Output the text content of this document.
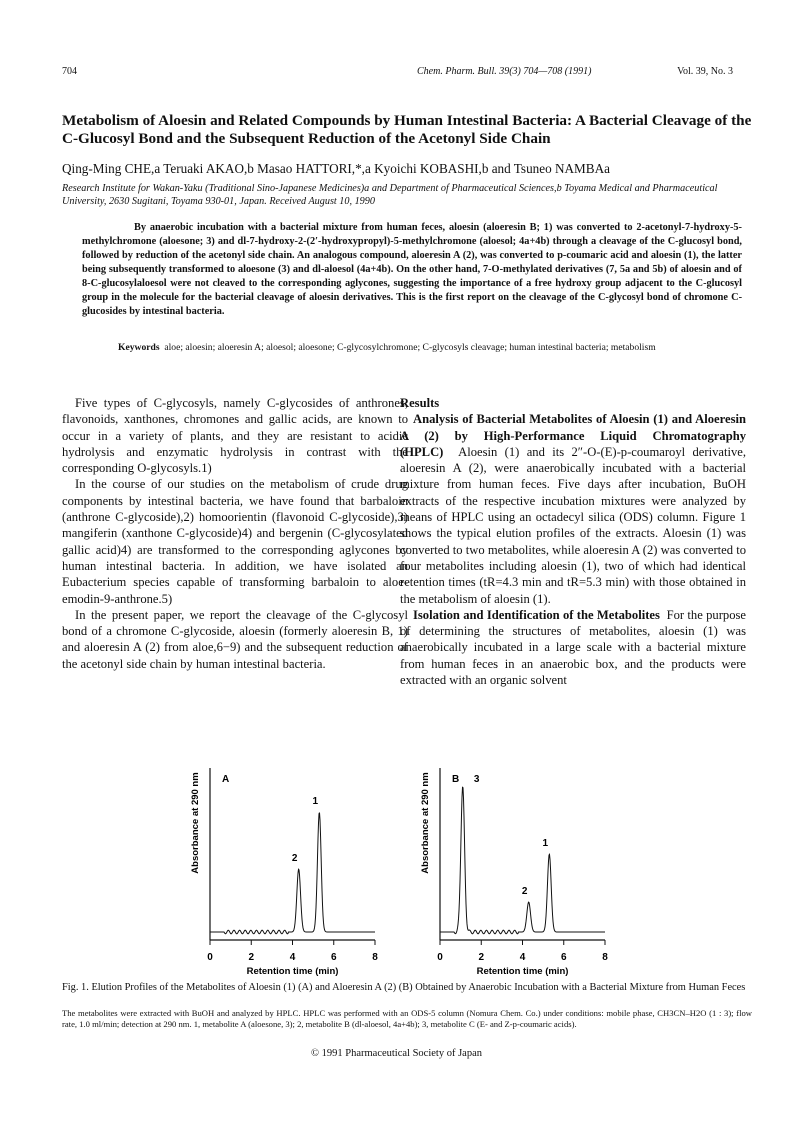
704	Chem. Pharm. Bull. 39(3) 704—708 (1991)	Vol. 39, No. 3
Metabolism of Aloesin and Related Compounds by Human Intestinal Bacteria: A Bacterial Cleavage of the C-Glucosyl Bond and the Subsequent Reduction of the Acetonyl Side Chain
Qing-Ming CHE,a Teruaki AKAO,b Masao HATTORI,*,a Kyoichi KOBASHI,b and Tsuneo NAMBAa
Research Institute for Wakan-Yaku (Traditional Sino-Japanese Medicines)a and Department of Pharmaceutical Sciences,b Toyama Medical and Pharmaceutical University, 2630 Sugitani, Toyama 930-01, Japan. Received August 10, 1990
By anaerobic incubation with a bacterial mixture from human feces, aloesin (aloeresin B; 1) was converted to 2-acetonyl-7-hydroxy-5-methylchromone (aloesone; 3) and dl-7-hydroxy-2-(2′-hydroxypropyl)-5-methylchromone (aloesol; 4a+4b) through a cleavage of the C-glucosyl bond, followed by reduction of the acetonyl side chain. An analogous compound, aloeresin A (2), was converted to p-coumaric acid and aloesin (1), the latter being subsequently transformed to aloesone (3) and dl-aloesol (4a+4b). On the other hand, 7-O-methylated derivatives (7, 5a and 5b) of aloesin and of 8-C-glucosylaloesol were not cleaved to the corresponding aglycones, suggesting the importance of a free hydroxy group adjacent to the C-glucosyl group in the molecule for the bacterial cleavage of aloesin derivatives. This is the first report on the cleavage of the C-glycosyl bond of chromone C-glucosides by intestinal bacteria.
Keywords aloe; aloesin; aloeresin A; aloesol; aloesone; C-glycosylchromone; C-glycosyls cleavage; human intestinal bacteria; metabolism

Five types of C-glycosyls, namely C-glycosides of anthrones, flavonoids, xanthones, chromones and gallic acids, are known to occur in a variety of plants, and they are resistant to acidic hydrolysis and enzymatic hydrolysis in contrast with the corresponding O-glycosyls.1)

In the course of our studies on the metabolism of crude drug components by intestinal bacteria, we have found that barbaloin (anthrone C-glycoside),2) homoorientin (flavonoid C-glycoside),3) mangiferin (xanthone C-glycoside)4) and bergenin (C-glycosylated gallic acid)4) are transformed to the corresponding aglycones by human intestinal bacteria. In addition, we have isolated an Eubacterium species capable of transforming barbaloin to aloe-emodin-9-anthrone.5)

In the present paper, we report the cleavage of the C-glycosyl bond of a chromone C-glycoside, aloesin (formerly aloeresin B, 1) and aloeresin A (2) from aloe,6−9) and the subsequent reduction of the acetonyl side chain by human intestinal bacteria.

Results

Analysis of Bacterial Metabolites of Aloesin (1) and Aloeresin A (2) by High-Performance Liquid Chromatography (HPLC) Aloesin (1) and its 2″-O-(E)-p-coumaroyl derivative, aloeresin A (2), were anaerobically incubated with a bacterial mixture from human feces. Five days after incubation, BuOH extracts of the respective incubation mixtures were analyzed by means of HPLC using an octadecyl silica (ODS) column. Figure 1 shows the typical elution profiles of the extracts. Aloesin (1) was converted to two metabolites, while aloeresin A (2) was converted to four metabolites including aloesin (1), two of which had identical retention times (tR=4.3 min and tR=5.3 min) with those obtained in the metabolism of aloesin (1).

Isolation and Identification of the Metabolites For the purpose of determining the structures of metabolites, aloesin (1) was anaerobically incubated in a large scale with a bacterial mixture from human feces in an anaerobic box, and the products were extracted with an organic solvent

0	2	4	6	8
Retention time (min)
Absorbance at 290 nm A
2
1
0	2	4	6	8
Retention time (min)
Absorbance at 290 nm B 3
2
1
Fig. 1. Elution Profiles of the Metabolites of Aloesin (1) (A) and Aloeresin A (2) (B) Obtained by Anaerobic Incubation with a Bacterial Mixture from Human Feces
The metabolites were extracted with BuOH and analyzed by HPLC. HPLC was performed with an ODS-5 column (Nomura Chem. Co.) under conditions: mobile phase, CH3CN–H2O (1 : 3); flow rate, 1.0 ml/min; detection at 290 nm. 1, metabolite A (aloesone, 3); 2, metabolite B (dl-aloesol, 4a+4b); 3, metabolite C (E- and Z-p-coumaric acids).
© 1991 Pharmaceutical Society of Japan
